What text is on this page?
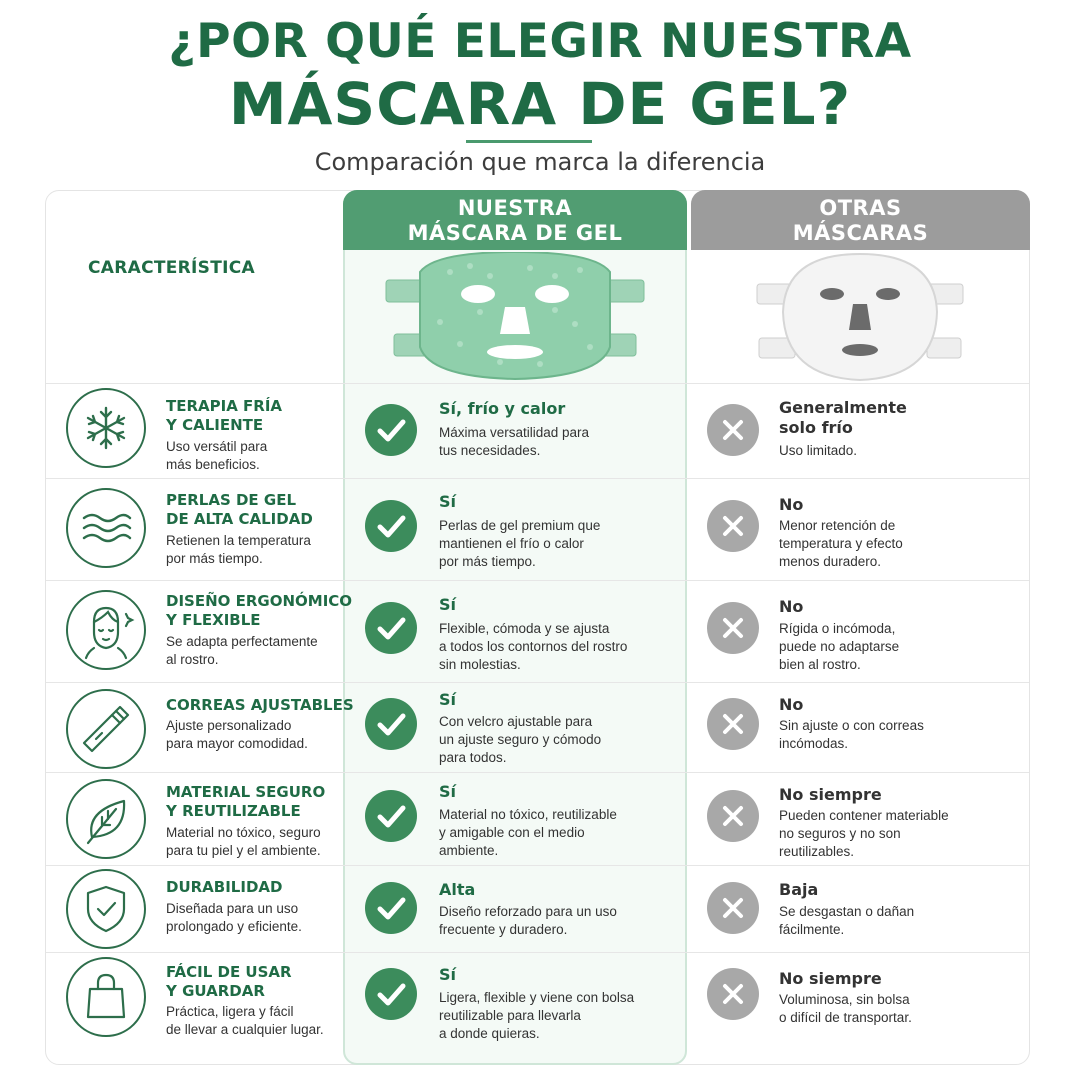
¿POR QUÉ ELEGIR NUESTRA
MÁSCARA DE GEL?
Comparación que marca la diferencia
NUESTRA
MÁSCARA DE GEL
OTRAS
MÁSCARAS
CARACTERÍSTICA
TERAPIA FRÍA
Y CALIENTE
Uso versátil para
más beneficios.
Sí, frío y calor
Máxima versatilidad para
tus necesidades.
Generalmente
solo frío
Uso limitado.
PERLAS DE GEL
DE ALTA CALIDAD
Retienen la temperatura
por más tiempo.
Sí
Perlas de gel premium que
mantienen el frío o calor
por más tiempo.
No
Menor retención de
temperatura y efecto
menos duradero.
DISEÑO ERGONÓMICO
Y FLEXIBLE
Se adapta perfectamente
al rostro.
Sí
Flexible, cómoda y se ajusta
a todos los contornos del rostro
sin molestias.
No
Rígida o incómoda,
puede no adaptarse
bien al rostro.
CORREAS AJUSTABLES
Ajuste personalizado
para mayor comodidad.
Sí
Con velcro ajustable para
un ajuste seguro y cómodo
para todos.
No
Sin ajuste o con correas
incómodas.
MATERIAL SEGURO
Y REUTILIZABLE
Material no tóxico, seguro
para tu piel y el ambiente.
Sí
Material no tóxico, reutilizable
y amigable con el medio
ambiente.
No siempre
Pueden contener materiable
no seguros y no son
reutilizables.
DURABILIDAD
Diseñada para un uso
prolongado y eficiente.
Alta
Diseño reforzado para un uso
frecuente y duradero.
Baja
Se desgastan o dañan
fácilmente.
FÁCIL DE USAR
Y GUARDAR
Práctica, ligera y fácil
de llevar a cualquier lugar.
Sí
Ligera, flexible y viene con bolsa
reutilizable para llevarla
a donde quieras.
No siempre
Voluminosa, sin bolsa
o difícil de transportar.
